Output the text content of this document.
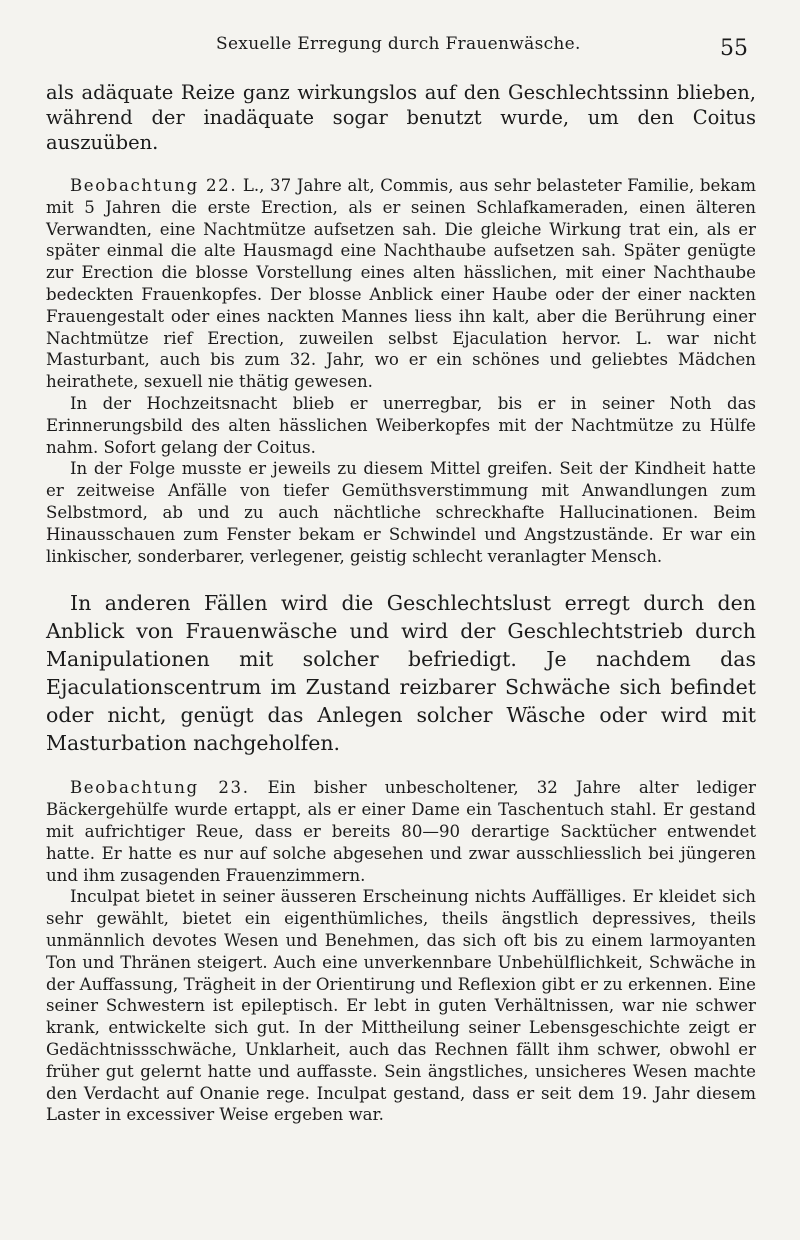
Sexuelle Erregung durch Frauenwäsche.	55

als adäquate Reize ganz wirkungslos auf den Geschlechtssinn blieben, während der inadäquate sogar benutzt wurde, um den Coitus auszuüben.

Beobachtung 22. L., 37 Jahre alt, Commis, aus sehr belasteter Familie, bekam mit 5 Jahren die erste Erection, als er seinen Schlafkameraden, einen älteren Verwandten, eine Nachtmütze aufsetzen sah. Die gleiche Wirkung trat ein, als er später einmal die alte Hausmagd eine Nachthaube aufsetzen sah. Später genügte zur Erection die blosse Vorstellung eines alten hässlichen, mit einer Nachthaube bedeckten Frauenkopfes. Der blosse Anblick einer Haube oder der einer nackten Frauengestalt oder eines nackten Mannes liess ihn kalt, aber die Berührung einer Nachtmütze rief Erection, zuweilen selbst Ejaculation hervor. L. war nicht Masturbant, auch bis zum 32. Jahr, wo er ein schönes und geliebtes Mädchen heirathete, sexuell nie thätig gewesen.

In der Hochzeitsnacht blieb er unerregbar, bis er in seiner Noth das Erinnerungsbild des alten hässlichen Weiberkopfes mit der Nachtmütze zu Hülfe nahm. Sofort gelang der Coitus.

In der Folge musste er jeweils zu diesem Mittel greifen. Seit der Kindheit hatte er zeitweise Anfälle von tiefer Gemüthsverstimmung mit Anwandlungen zum Selbstmord, ab und zu auch nächtliche schreckhafte Hallucinationen. Beim Hinausschauen zum Fenster bekam er Schwindel und Angstzustände. Er war ein linkischer, sonderbarer, verlegener, geistig schlecht veranlagter Mensch.

In anderen Fällen wird die Geschlechtslust erregt durch den Anblick von Frauenwäsche und wird der Geschlechtstrieb durch Manipulationen mit solcher befriedigt. Je nachdem das Ejaculationscentrum im Zustand reizbarer Schwäche sich befindet oder nicht, genügt das Anlegen solcher Wäsche oder wird mit Masturbation nachgeholfen.

Beobachtung 23. Ein bisher unbescholtener, 32 Jahre alter lediger Bäckergehülfe wurde ertappt, als er einer Dame ein Taschentuch stahl. Er gestand mit aufrichtiger Reue, dass er bereits 80—90 derartige Sacktücher entwendet hatte. Er hatte es nur auf solche abgesehen und zwar ausschliesslich bei jüngeren und ihm zusagenden Frauenzimmern.

Inculpat bietet in seiner äusseren Erscheinung nichts Auffälliges. Er kleidet sich sehr gewählt, bietet ein eigenthümliches, theils ängstlich depressives, theils unmännlich devotes Wesen und Benehmen, das sich oft bis zu einem larmoyanten Ton und Thränen steigert. Auch eine unverkennbare Unbehülflichkeit, Schwäche in der Auffassung, Trägheit in der Orientirung und Reflexion gibt er zu erkennen. Eine seiner Schwestern ist epileptisch. Er lebt in guten Verhältnissen, war nie schwer krank, entwickelte sich gut. In der Mittheilung seiner Lebensgeschichte zeigt er Gedächtnissschwäche, Unklarheit, auch das Rechnen fällt ihm schwer, obwohl er früher gut gelernt hatte und auffasste. Sein ängstliches, unsicheres Wesen machte den Verdacht auf Onanie rege. Inculpat gestand, dass er seit dem 19. Jahr diesem Laster in excessiver Weise ergeben war.
